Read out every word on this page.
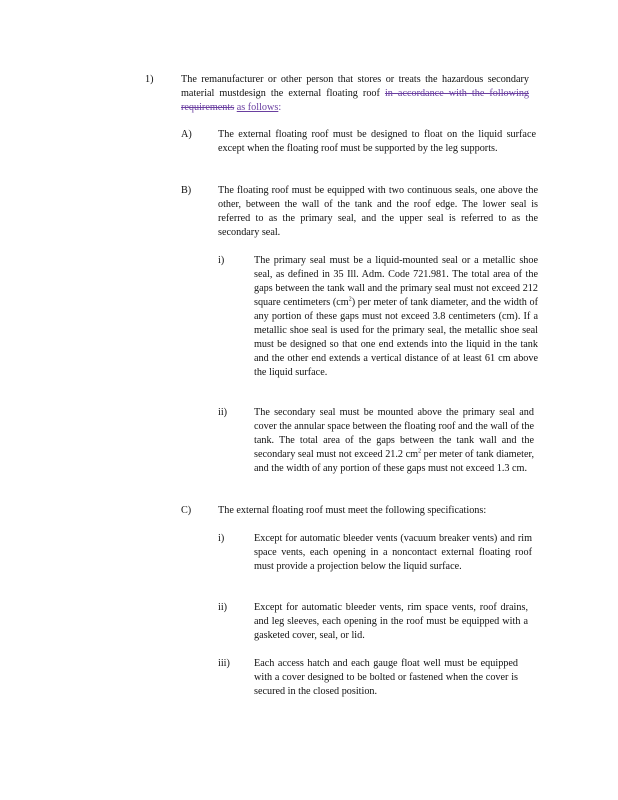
1)	The remanufacturer or other person that stores or treats the hazardous secondary material mustdesign the external floating roof in accordance with the following requirements as follows:
A)	The external floating roof must be designed to float on the liquid surface except when the floating roof must be supported by the leg supports.
B)	The floating roof must be equipped with two continuous seals, one above the other, between the wall of the tank and the roof edge. The lower seal is referred to as the primary seal, and the upper seal is referred to as the secondary seal.
i)	The primary seal must be a liquid-mounted seal or a metallic shoe seal, as defined in 35 Ill. Adm. Code 721.981. The total area of the gaps between the tank wall and the primary seal must not exceed 212 square centimeters $(cm^2)$ per meter of tank diameter, and the width of any portion of these gaps must not exceed 3.8 centimeters (cm). If a metallic shoe seal is used for the primary seal, the metallic shoe seal must be designed so that one end extends into the liquid in the tank and the other end extends a vertical distance of at least 61 cm above the liquid surface.
ii)	The secondary seal must be mounted above the primary seal and cover the annular space between the floating roof and the wall of the tank. The total area of the gaps between the tank wall and the secondary seal must not exceed 21.2 $cm^2$ per meter of tank diameter, and the width of any portion of these gaps must not exceed 1.3 cm.
C)	The external floating roof must meet the following specifications:
i)	Except for automatic bleeder vents (vacuum breaker vents) and rim space vents, each opening in a noncontact external floating roof must provide a projection below the liquid surface.
ii)	Except for automatic bleeder vents, rim space vents, roof drains, and leg sleeves, each opening in the roof must be equipped with a gasketed cover, seal, or lid.
iii) Each access hatch and each gauge float well must be equipped with a cover designed to be bolted or fastened when the cover is secured in the closed position.
